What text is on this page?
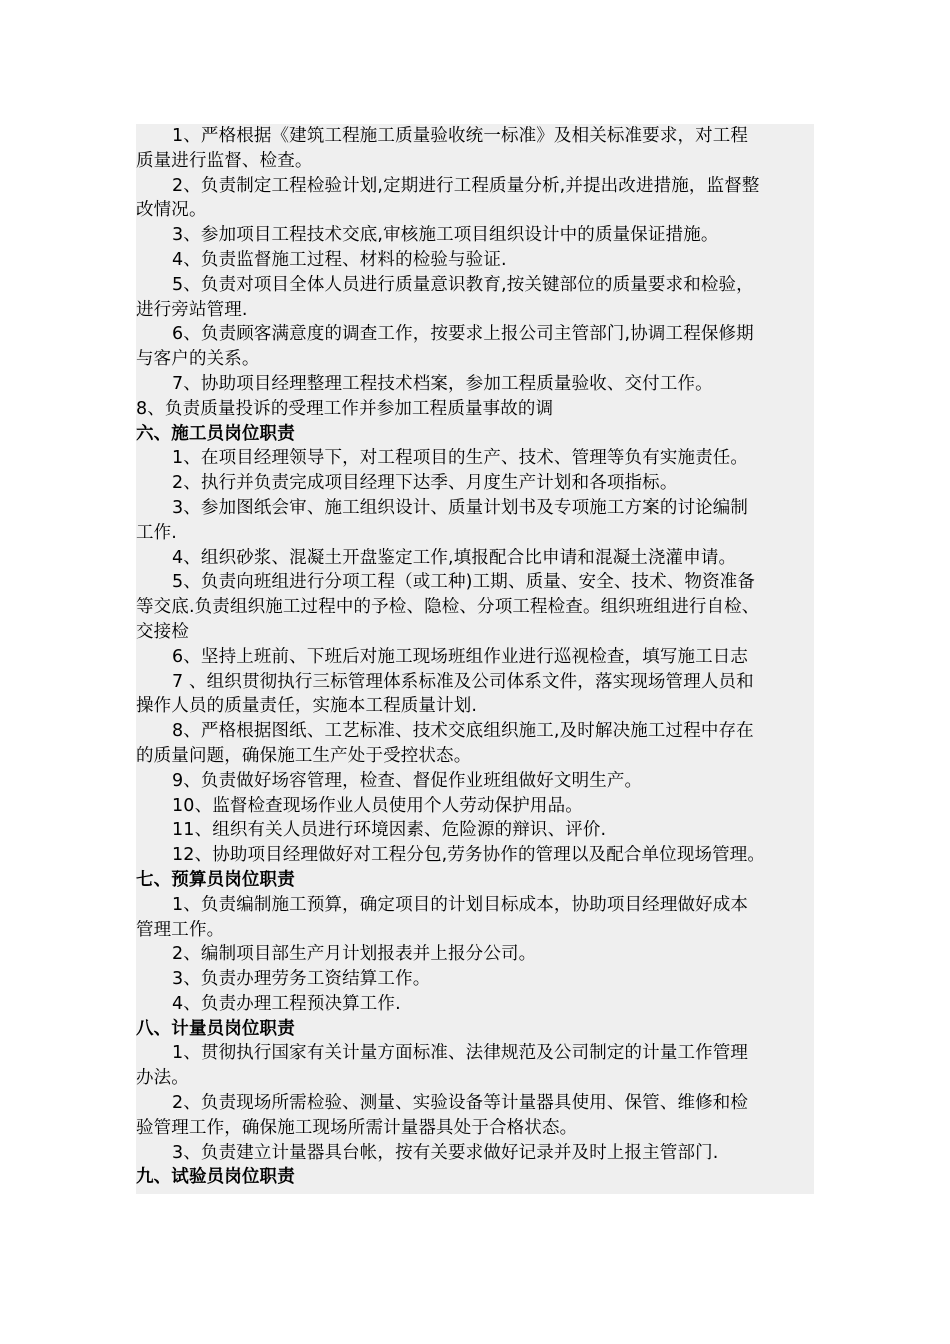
1、严格根据《建筑工程施工质量验收统一标准》及相关标准要求，对工程
质量进行监督、检查。
2、负责制定工程检验计划,定期进行工程质量分析,并提出改进措施，监督整
改情况。
3、参加项目工程技术交底,审核施工项目组织设计中的质量保证措施。
4、负责监督施工过程、材料的检验与验证.
5、负责对项目全体人员进行质量意识教育,按关键部位的质量要求和检验，
进行旁站管理.
6、负责顾客满意度的调查工作，按要求上报公司主管部门,协调工程保修期
与客户的关系。
7、协助项目经理整理工程技术档案，参加工程质量验收、交付工作。
8、负责质量投诉的受理工作并参加工程质量事故的调
六、施工员岗位职责
1、在项目经理领导下，对工程项目的生产、技术、管理等负有实施责任。
2、执行并负责完成项目经理下达季、月度生产计划和各项指标。
3、参加图纸会审、施工组织设计、质量计划书及专项施工方案的讨论编制
工作.
4、组织砂浆、混凝土开盘鉴定工作,填报配合比申请和混凝土浇灌申请。
5、负责向班组进行分项工程（或工种)工期、质量、安全、技术、物资准备
等交底.负责组织施工过程中的予检、隐检、分项工程检查。组织班组进行自检、
交接检
6、坚持上班前、下班后对施工现场班组作业进行巡视检查，填写施工日志
7 、组织贯彻执行三标管理体系标准及公司体系文件，落实现场管理人员和
操作人员的质量责任，实施本工程质量计划.
8、严格根据图纸、工艺标准、技术交底组织施工,及时解决施工过程中存在
的质量问题，确保施工生产处于受控状态。
9、负责做好场容管理，检查、督促作业班组做好文明生产。
10、监督检查现场作业人员使用个人劳动保护用品。
11、组织有关人员进行环境因素、危险源的辩识、评价.
12、协助项目经理做好对工程分包,劳务协作的管理以及配合单位现场管理。
七、预算员岗位职责
1、负责编制施工预算，确定项目的计划目标成本，协助项目经理做好成本
管理工作。
2、编制项目部生产月计划报表并上报分公司。
3、负责办理劳务工资结算工作。
4、负责办理工程预决算工作.
八、计量员岗位职责
1、贯彻执行国家有关计量方面标准、法律规范及公司制定的计量工作管理
办法。
2、负责现场所需检验、测量、实验设备等计量器具使用、保管、维修和检
验管理工作，确保施工现场所需计量器具处于合格状态。
3、负责建立计量器具台帐，按有关要求做好记录并及时上报主管部门.
九、试验员岗位职责
